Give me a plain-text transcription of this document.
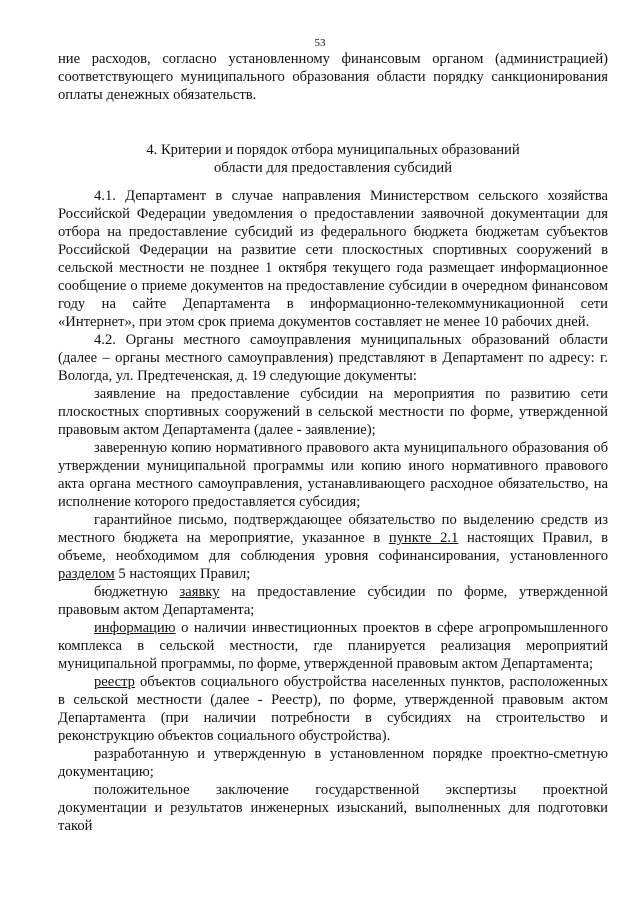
53

ние расходов, согласно установленному финансовым органом (администрацией) соответствующего муниципального образования области порядку санкционирования оплаты денежных обязательств.

4. Критерии и порядок отбора муниципальных образований
области для предоставления субсидий

4.1. Департамент в случае направления Министерством сельского хозяйства Российской Федерации уведомления о предоставлении заявочной документации для отбора на предоставление субсидий из федерального бюджета бюджетам субъектов Российской Федерации на развитие сети плоскостных спортивных сооружений в сельской местности не позднее 1 октября текущего года размещает информационное сообщение о приеме документов на предоставление субсидии в очередном финансовом году на сайте Департамента в информационно-телекоммуникационной сети «Интернет», при этом срок приема документов составляет не менее 10 рабочих дней.

4.2. Органы местного самоуправления муниципальных образований области (далее – органы местного самоуправления) представляют в Департамент по адресу: г. Вологда, ул. Предтеченская, д. 19 следующие документы:

заявление на предоставление субсидии на мероприятия по развитию сети плоскостных спортивных сооружений в сельской местности по форме, утвержденной правовым актом Департамента (далее - заявление);

заверенную копию нормативного правового акта муниципального образования об утверждении муниципальной программы или копию иного нормативного правового акта органа местного самоуправления, устанавливающего расходное обязательство, на исполнение которого предоставляется субсидия;

гарантийное письмо, подтверждающее обязательство по выделению средств из местного бюджета на мероприятие, указанное в пункте 2.1 настоящих Правил, в объеме, необходимом для соблюдения уровня софинансирования, установленного разделом 5 настоящих Правил;

бюджетную заявку на предоставление субсидии по форме, утвержденной правовым актом Департамента;

информацию о наличии инвестиционных проектов в сфере агропромышленного комплекса в сельской местности, где планируется реализация мероприятий муниципальной программы, по форме, утвержденной правовым актом Департамента;

реестр объектов социального обустройства населенных пунктов, расположенных в сельской местности (далее - Реестр), по форме, утвержденной правовым актом Департамента (при наличии потребности в субсидиях на строительство и реконструкцию объектов социального обустройства).

разработанную и утвержденную в установленном порядке проектно-сметную документацию;

положительное заключение государственной экспертизы проектной документации и результатов инженерных изысканий, выполненных для подготовки такой
